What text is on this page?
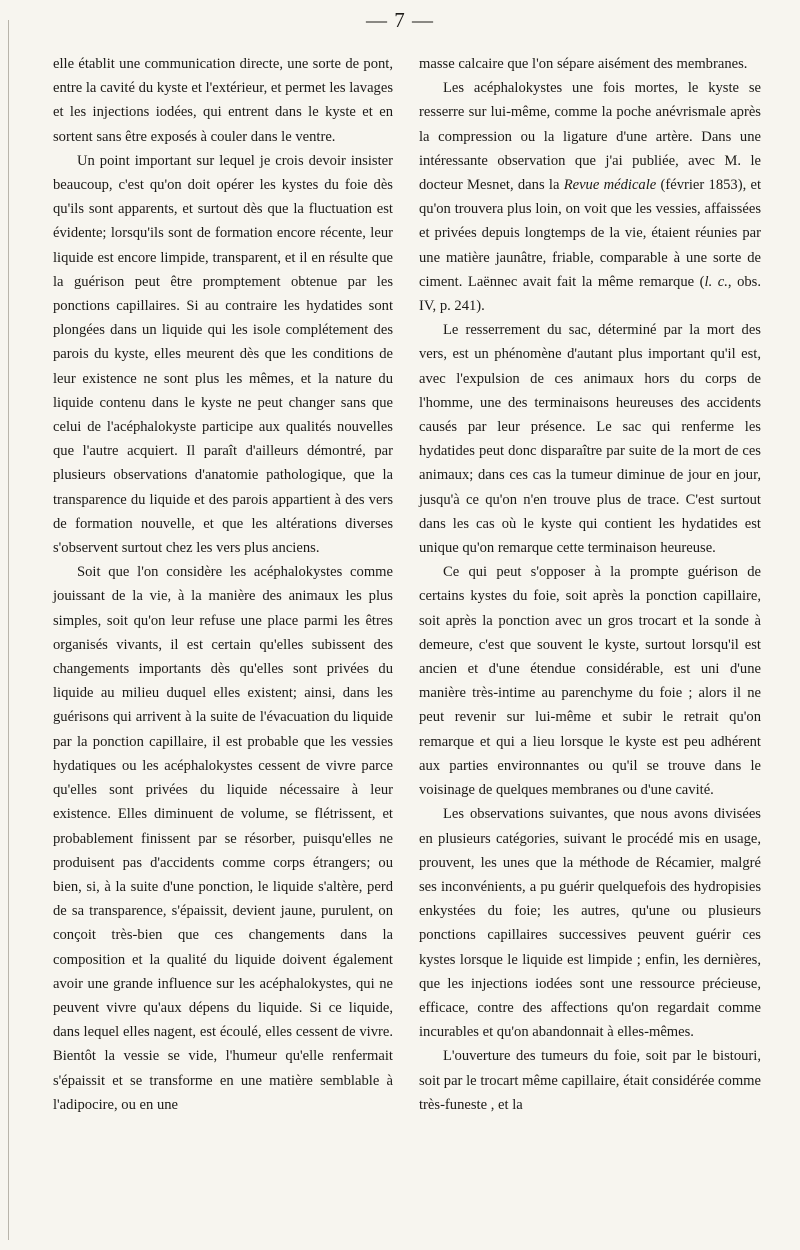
— 7 —

elle établit une communication directe, une sorte de pont, entre la cavité du kyste et l'extérieur, et permet les lavages et les injections iodées, qui entrent dans le kyste et en sortent sans être exposés à couler dans le ventre.

Un point important sur lequel je crois devoir insister beaucoup, c'est qu'on doit opérer les kystes du foie dès qu'ils sont apparents, et surtout dès que la fluctuation est évidente; lorsqu'ils sont de formation encore récente, leur liquide est encore limpide, transparent, et il en résulte que la guérison peut être promptement obtenue par les ponctions capillaires. Si au contraire les hydatides sont plongées dans un liquide qui les isole complétement des parois du kyste, elles meurent dès que les conditions de leur existence ne sont plus les mêmes, et la nature du liquide contenu dans le kyste ne peut changer sans que celui de l'acéphalokyste participe aux qualités nouvelles que l'autre acquiert. Il paraît d'ailleurs démontré, par plusieurs observations d'anatomie pathologique, que la transparence du liquide et des parois appartient à des vers de formation nouvelle, et que les altérations diverses s'observent surtout chez les vers plus anciens.

Soit que l'on considère les acéphalokystes comme jouissant de la vie, à la manière des animaux les plus simples, soit qu'on leur refuse une place parmi les êtres organisés vivants, il est certain qu'elles subissent des changements importants dès qu'elles sont privées du liquide au milieu duquel elles existent; ainsi, dans les guérisons qui arrivent à la suite de l'évacuation du liquide par la ponction capillaire, il est probable que les vessies hydatiques ou les acéphalokystes cessent de vivre parce qu'elles sont privées du liquide nécessaire à leur existence. Elles diminuent de volume, se flétrissent, et probablement finissent par se résorber, puisqu'elles ne produisent pas d'accidents comme corps étrangers; ou bien, si, à la suite d'une ponction, le liquide s'altère, perd de sa transparence, s'épaissit, devient jaune, purulent, on conçoit très-bien que ces changements dans la composition et la qualité du liquide doivent également avoir une grande influence sur les acéphalokystes, qui ne peuvent vivre qu'aux dépens du liquide. Si ce liquide, dans lequel elles nagent, est écoulé, elles cessent de vivre. Bientôt la vessie se vide, l'humeur qu'elle renfermait s'épaissit et se transforme en une matière semblable à l'adipocire, ou en une

masse calcaire que l'on sépare aisément des membranes.

Les acéphalokystes une fois mortes, le kyste se resserre sur lui-même, comme la poche anévrismale après la compression ou la ligature d'une artère. Dans une intéressante observation que j'ai publiée, avec M. le docteur Mesnet, dans la Revue médicale (février 1853), et qu'on trouvera plus loin, on voit que les vessies, affaissées et privées depuis longtemps de la vie, étaient réunies par une matière jaunâtre, friable, comparable à une sorte de ciment. Laënnec avait fait la même remarque (l. c., obs. IV, p. 241).

Le resserrement du sac, déterminé par la mort des vers, est un phénomène d'autant plus important qu'il est, avec l'expulsion de ces animaux hors du corps de l'homme, une des terminaisons heureuses des accidents causés par leur présence. Le sac qui renferme les hydatides peut donc disparaître par suite de la mort de ces animaux; dans ces cas la tumeur diminue de jour en jour, jusqu'à ce qu'on n'en trouve plus de trace. C'est surtout dans les cas où le kyste qui contient les hydatides est unique qu'on remarque cette terminaison heureuse.

Ce qui peut s'opposer à la prompte guérison de certains kystes du foie, soit après la ponction capillaire, soit après la ponction avec un gros trocart et la sonde à demeure, c'est que souvent le kyste, surtout lorsqu'il est ancien et d'une étendue considérable, est uni d'une manière très-intime au parenchyme du foie ; alors il ne peut revenir sur lui-même et subir le retrait qu'on remarque et qui a lieu lorsque le kyste est peu adhérent aux parties environnantes ou qu'il se trouve dans le voisinage de quelques membranes ou d'une cavité.

Les observations suivantes, que nous avons divisées en plusieurs catégories, suivant le procédé mis en usage, prouvent, les unes que la méthode de Récamier, malgré ses inconvénients, a pu guérir quelquefois des hydropisies enkystées du foie; les autres, qu'une ou plusieurs ponctions capillaires successives peuvent guérir ces kystes lorsque le liquide est limpide ; enfin, les dernières, que les injections iodées sont une ressource précieuse, efficace, contre des affections qu'on regardait comme incurables et qu'on abandonnait à elles-mêmes.

L'ouverture des tumeurs du foie, soit par le bistouri, soit par le trocart même capillaire, était considérée comme très-funeste , et la
